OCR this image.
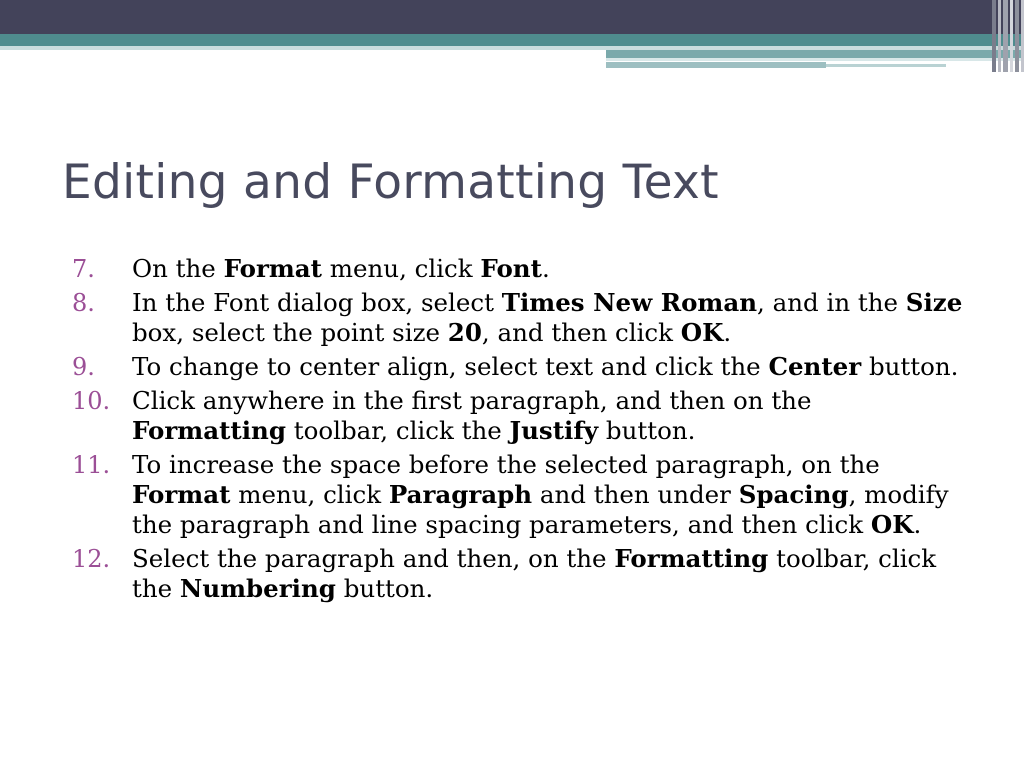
Editing and Formatting Text
7.	On the Format menu, click Font.
8.	In the Font dialog box, select Times New Roman, and in the Size box, select the point size 20, and then click OK.
9.	To change to center align, select text and click the Center button.
10. Click anywhere in the first paragraph, and then on the Formatting toolbar, click the Justify button.
11. To increase the space before the selected paragraph, on the Format menu, click Paragraph and then under Spacing, modify the paragraph and line spacing parameters, and then click OK.
12. Select the paragraph and then, on the Formatting toolbar, click the Numbering button.
